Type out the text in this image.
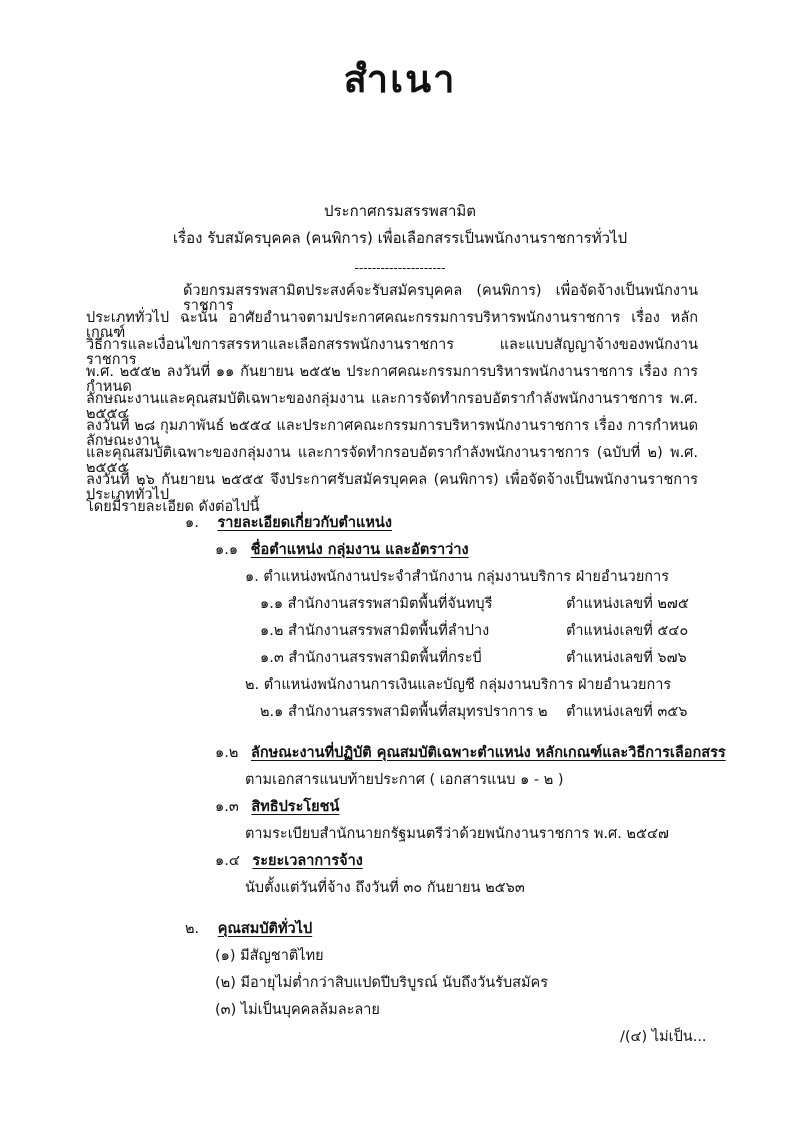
สำเนา
ประกาศกรมสรรพสามิต
เรื่อง รับสมัครบุคคล (คนพิการ) เพื่อเลือกสรรเป็นพนักงานราชการทั่วไป
---------------------
ด้วยกรมสรรพสามิตประสงค์จะรับสมัครบุคคล (คนพิการ) เพื่อจัดจ้างเป็นพนักงานราชการ
ประเภททั่วไป ฉะนั้น อาศัยอำนาจตามประกาศคณะกรรมการบริหารพนักงานราชการ เรื่อง หลักเกณฑ์
วิธีการและเงื่อนไขการสรรหาและเลือกสรรพนักงานราชการ และแบบสัญญาจ้างของพนักงานราชการ
พ.ศ. ๒๕๕๒ ลงวันที่ ๑๑ กันยายน ๒๕๕๒ ประกาศคณะกรรมการบริหารพนักงานราชการ เรื่อง การกำหนด
ลักษณะงานและคุณสมบัติเฉพาะของกลุ่มงาน และการจัดทำกรอบอัตรากำลังพนักงานราชการ พ.ศ. ๒๕๕๔
ลงวันที่ ๒๘ กุมภาพันธ์ ๒๕๕๔ และประกาศคณะกรรมการบริหารพนักงานราชการ เรื่อง การกำหนดลักษณะงาน
และคุณสมบัติเฉพาะของกลุ่มงาน และการจัดทำกรอบอัตรากำลังพนักงานราชการ (ฉบับที่ ๒) พ.ศ. ๒๕๕๕
ลงวันที่ ๒๖ กันยายน ๒๕๕๕ จึงประกาศรับสมัครบุคคล (คนพิการ) เพื่อจัดจ้างเป็นพนักงานราชการประเภททั่วไป
โดยมีรายละเอียด ดังต่อไปนี้
๑. รายละเอียดเกี่ยวกับตำแหน่ง
๑.๑ ชื่อตำแหน่ง กลุ่มงาน และอัตราว่าง
๑. ตำแหน่งพนักงานประจำสำนักงาน กลุ่มงานบริการ ฝ่ายอำนวยการ
๑.๑ สำนักงานสรรพสามิตพื้นที่จันทบุรี	ตำแหน่งเลขที่ ๒๗๕
๑.๒ สำนักงานสรรพสามิตพื้นที่ลำปาง	ตำแหน่งเลขที่ ๕๔๐
๑.๓ สำนักงานสรรพสามิตพื้นที่กระบี่	ตำแหน่งเลขที่ ๖๗๖
๒. ตำแหน่งพนักงานการเงินและบัญชี กลุ่มงานบริการ ฝ่ายอำนวยการ
๒.๑ สำนักงานสรรพสามิตพื้นที่สมุทรปราการ ๒ ตำแหน่งเลขที่ ๓๕๖
๑.๒ ลักษณะงานที่ปฏิบัติ คุณสมบัติเฉพาะตำแหน่ง หลักเกณฑ์และวิธีการเลือกสรร
ตามเอกสารแนบท้ายประกาศ ( เอกสารแนบ ๑ - ๒ )
๑.๓ สิทธิประโยชน์
ตามระเบียบสำนักนายกรัฐมนตรีว่าด้วยพนักงานราชการ พ.ศ. ๒๕๔๗
๑.๔ ระยะเวลาการจ้าง
นับตั้งแต่วันที่จ้าง ถึงวันที่ ๓๐ กันยายน ๒๕๖๓
๒. คุณสมบัติทั่วไป
(๑) มีสัญชาติไทย
(๒) มีอายุไม่ต่ำกว่าสิบแปดปีบริบูรณ์ นับถึงวันรับสมัคร
(๓) ไม่เป็นบุคคลล้มละลาย
/(๔) ไม่เป็น...
